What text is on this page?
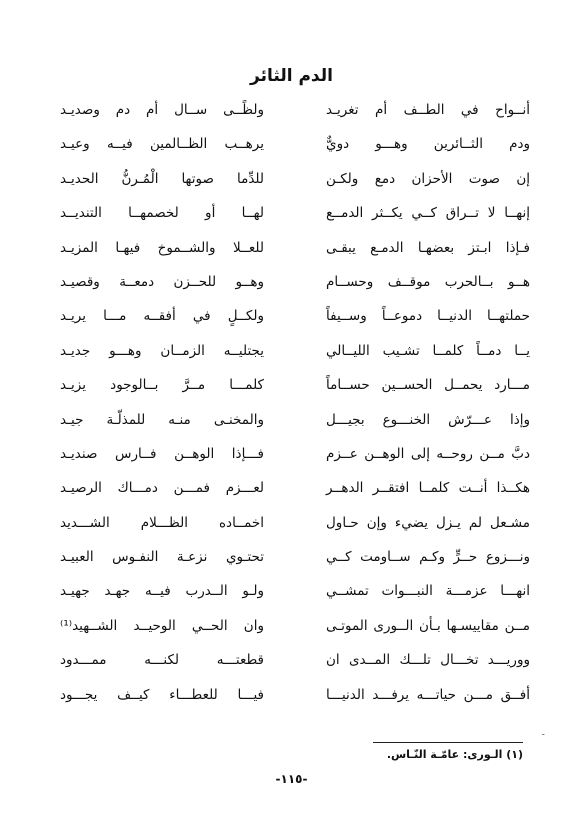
الدم الثائر
أنــواح في الطــف أم تغريـد
ولظًــى ســال أم دم وصديـد
ودم الثــائرين وهـــو دويٌّ
يرهــب الظــالمين فيــه وعيـد
إن صوت الأحزان دمع ولكـن
للدِّما صوتها الْمُـرنُّ الحديـد
إنهــا لا تــراق كــي يكــثر الدمــع
لهــا أو لخصمهــا التنديــد
فـإذا ابـتز بعضهـا الدمـع يبقـى
للعــلا والشــموخ فيهـا المزيـد
هــو بــالحرب موقــف وحســام
وهــو للحــزن دمعــة وقصيـد
حملتهــا الدنيــا دموعــاً وســيفاً
ولكــلٍ في أفقــه مـــا يريـد
يــا دمــاً كلمــا تشـيب الليــالي
يجتليــه الزمــان وهـــو جديـد
مـــارد يحمــل الحســين حســاماً
كلمـــا مــرَّ بــالوجود يزيـد
وإذا عـــرّش الخنـــوع بجيـــل
والمخنـى منـه للمذلّـة جيـد
دبَّ مــن روحــه إلى الوهــن عــزم
فـــإذا الوهــن فــارس صنديـد
هكــذا أنــت كلمــا افتقــر الدهــر
لعـــزم فمـــن دمـــاك الرصيـد
مشـعل لم يـزل يضيء وإن حـاول
اخمــاده الظـــلام الشـــديد
ونـــزوع حــرٍّ وكـم ســاومت كــي
تحتـوي نزعـة النفـوس العبيـد
انهـــا عزمـــة النبـــوات تمشــي
ولـو الــدرب فيــه جهـد جهيـد
مــن مقاييسـها بـأن الــورى الموتـى
وان الحــي الوحيــد الشــهيد⁽¹⁾
ووريـــد تخـــال تلـــك المــدى ان
قطعتـــه لكنـــه ممـــدود
أفــق مـــن حياتـــه يرفـــد الدنيـــا
فيـــا للعطـــاء كيــف يجـــود
(١) الـورى: عامّـة النّـاس.
-١١٥-
ـ
